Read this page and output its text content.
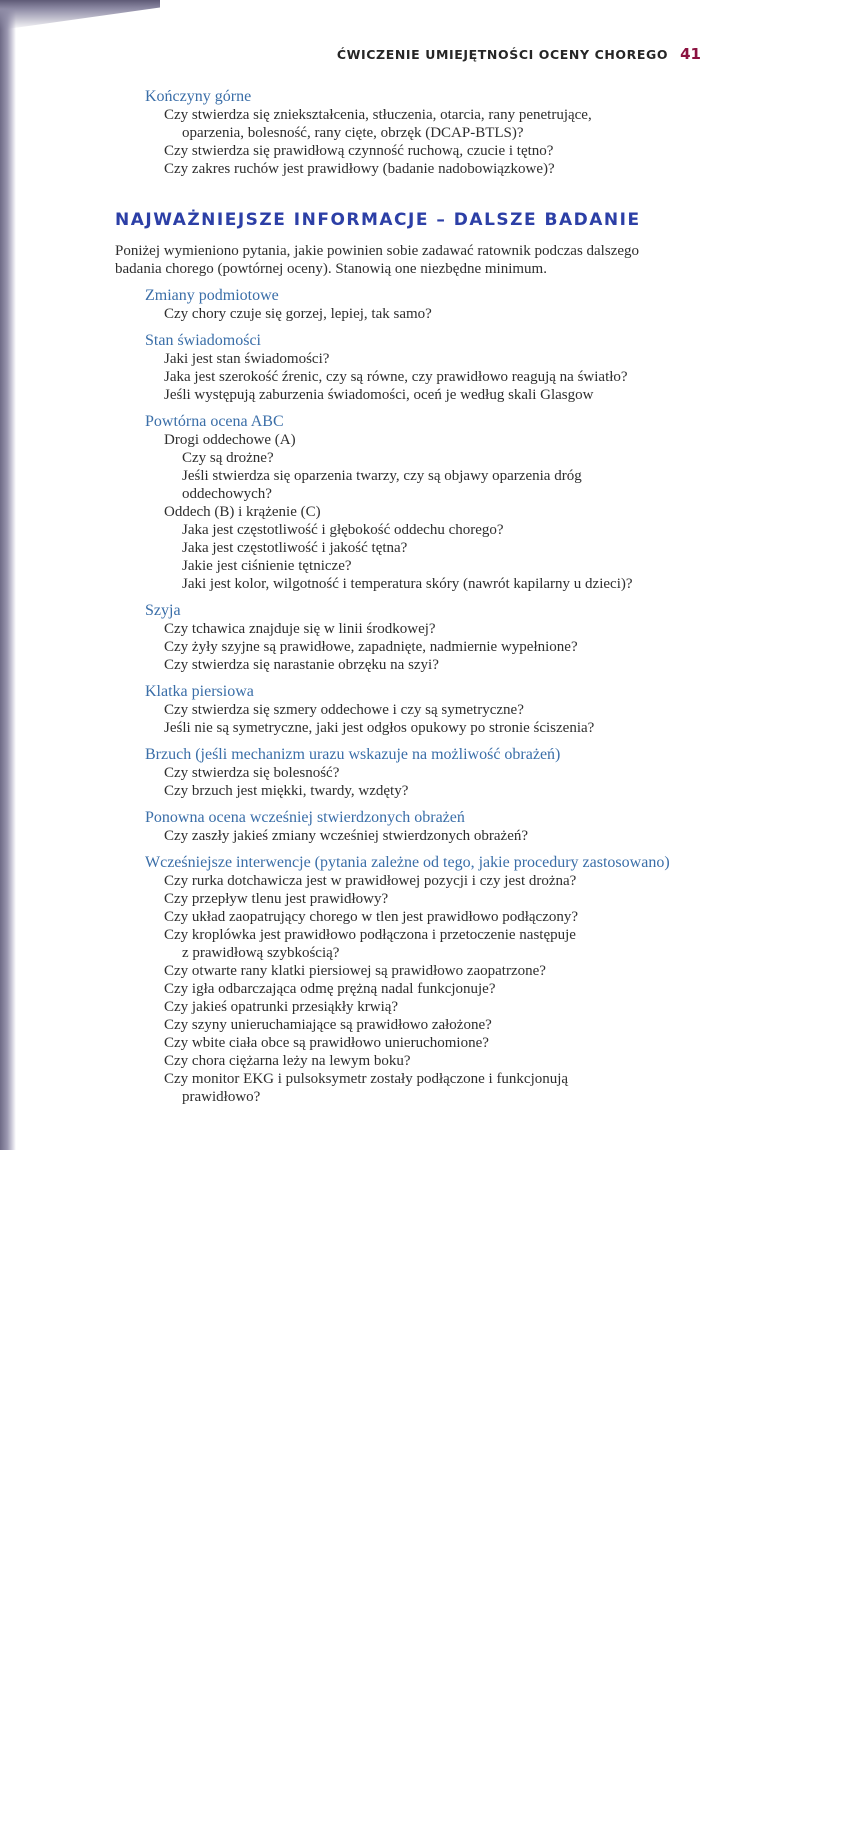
ĆWICZENIE UMIEJĘTNOŚCI OCENY CHOREGO 41
Kończyny górne
Czy stwierdza się zniekształcenia, stłuczenia, otarcia, rany penetrujące,
oparzenia, bolesność, rany cięte, obrzęk (DCAP-BTLS)?
Czy stwierdza się prawidłową czynność ruchową, czucie i tętno?
Czy zakres ruchów jest prawidłowy (badanie nadobowiązkowe)?
NAJWAŻNIEJSZE INFORMACJE – DALSZE BADANIE
Poniżej wymieniono pytania, jakie powinien sobie zadawać ratownik podczas dalszego
badania chorego (powtórnej oceny). Stanowią one niezbędne minimum.
Zmiany podmiotowe
Czy chory czuje się gorzej, lepiej, tak samo?
Stan świadomości
Jaki jest stan świadomości?
Jaka jest szerokość źrenic, czy są równe, czy prawidłowo reagują na światło?
Jeśli występują zaburzenia świadomości, oceń je według skali Glasgow
Powtórna ocena ABC
Drogi oddechowe (A)
Czy są drożne?
Jeśli stwierdza się oparzenia twarzy, czy są objawy oparzenia dróg
oddechowych?
Oddech (B) i krążenie (C)
Jaka jest częstotliwość i głębokość oddechu chorego?
Jaka jest częstotliwość i jakość tętna?
Jakie jest ciśnienie tętnicze?
Jaki jest kolor, wilgotność i temperatura skóry (nawrót kapilarny u dzieci)?
Szyja
Czy tchawica znajduje się w linii środkowej?
Czy żyły szyjne są prawidłowe, zapadnięte, nadmiernie wypełnione?
Czy stwierdza się narastanie obrzęku na szyi?
Klatka piersiowa
Czy stwierdza się szmery oddechowe i czy są symetryczne?
Jeśli nie są symetryczne, jaki jest odgłos opukowy po stronie ściszenia?
Brzuch (jeśli mechanizm urazu wskazuje na możliwość obrażeń)
Czy stwierdza się bolesność?
Czy brzuch jest miękki, twardy, wzdęty?
Ponowna ocena wcześniej stwierdzonych obrażeń
Czy zaszły jakieś zmiany wcześniej stwierdzonych obrażeń?
Wcześniejsze interwencje (pytania zależne od tego, jakie procedury zastosowano)
Czy rurka dotchawicza jest w prawidłowej pozycji i czy jest drożna?
Czy przepływ tlenu jest prawidłowy?
Czy układ zaopatrujący chorego w tlen jest prawidłowo podłączony?
Czy kroplówka jest prawidłowo podłączona i przetoczenie następuje
z prawidłową szybkością?
Czy otwarte rany klatki piersiowej są prawidłowo zaopatrzone?
Czy igła odbarczająca odmę prężną nadal funkcjonuje?
Czy jakieś opatrunki przesiąkły krwią?
Czy szyny unieruchamiające są prawidłowo założone?
Czy wbite ciała obce są prawidłowo unieruchomione?
Czy chora ciężarna leży na lewym boku?
Czy monitor EKG i pulsoksymetr zostały podłączone i funkcjonują
prawidłowo?
